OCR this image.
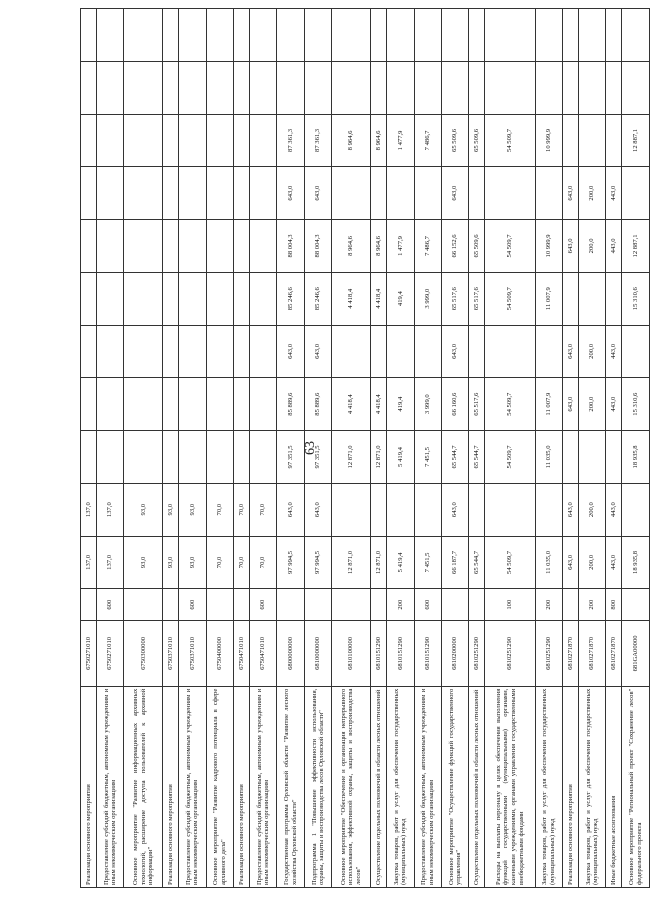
63
Реализация основного мероприятия	6750271010		137,0	137,0									
Предоставление субсидий бюджетным, автономным учреждениям и иным некоммерческим организациям	6750271010	600	137,0	137,0									
Основное мероприятие "Развитие информационных архивных технологий, расширение доступа пользователей к архивной информации"	6750300000		93,0	93,0									
Реализация основного мероприятия	6750371010		93,0	93,0									
Предоставление субсидий бюджетным, автономным учреждениям и иным некоммерческим организациям	6750371010	600	93,0	93,0									
Основное мероприятие "Развитие кадрового потенциала в сфере архивного дела"	6750400000		70,0	70,0									
Реализация основного мероприятия	6750471010		70,0	70,0									
Предоставление субсидий бюджетным, автономным учреждениям и иным некоммерческим организациям	6750471010	600	70,0	70,0									
Государственная программа Орловской области "Развитие лесного хозяйства Орловской области"	6800000000		97 994,5	643,0	97 351,5	85 889,6	643,0	85 246,6	88 004,3	643,0	87 361,3		
Подпрограмма 1 "Повышение эффективности использования, охраны, защиты и воспроизводства лесов Орловской области"	6810000000		97 994,5	643,0	97 351,5	85 889,6	643,0	85 246,6	88 004,3	643,0	87 361,3		
Основное мероприятие "Обеспечение и организация непрерывного использования, эффективной охраны, защиты и воспроизводства лесов"	6810100000		12 871,0		12 871,0	4 418,4		4 418,4	8 964,6		8 964,6		
Осуществление отдельных полномочий в области лесных отношений	6810151290		12 871,0		12 871,0	4 418,4		4 418,4	8 964,6		8 964,6		
Закупка товаров, работ и услуг для обеспечения государственных (муниципальных) нужд	6810151290	200	5 419,4		5 419,4	419,4		419,4	1 477,9		1 477,9		
Предоставление субсидий бюджетным, автономным учреждениям и иным некоммерческим организациям	6810151290	600	7 451,5		7 451,5	3 999,0		3 999,0	7 486,7		7 486,7		
Основное мероприятие "Осуществление функций государственного управления"	6810200000		66 187,7	643,0	65 544,7	66 160,6	643,0	65 517,6	66 152,6	643,0	65 509,6		
Осуществление отдельных полномочий в области лесных отношений	6810251290		65 544,7		65 544,7	65 517,6		65 517,6	65 509,6		65 509,6		
Расходы на выплаты персоналу в целях обеспечения выполнения функций государственными (муниципальными) органами, казенными учреждениями, органами управления государственными внебюджетными фондами	6810251290	100	54 509,7		54 509,7	54 509,7		54 509,7	54 509,7		54 509,7		
Закупка товаров, работ и услуг для обеспечения государственных (муниципальных) нужд	6810251290	200	11 035,0		11 035,0	11 007,9		11 007,9	10 999,9		10 999,9		
Реализация основного мероприятия	6810271870		643,0	643,0		643,0	643,0		643,0	643,0			
Закупка товаров, работ и услуг для обеспечения государственных (муниципальных) нужд	6810271870	200	200,0	200,0		200,0	200,0		200,0	200,0			
Иные бюджетные ассигнования	6810271870	800	443,0	443,0		443,0	443,0		443,0	443,0			
Основное мероприятие "Региональный проект "Сохранение лесов" федерального проекта	681GA00000		18 935,8		18 935,8	15 310,6		15 310,6	12 887,1		12 887,1		
